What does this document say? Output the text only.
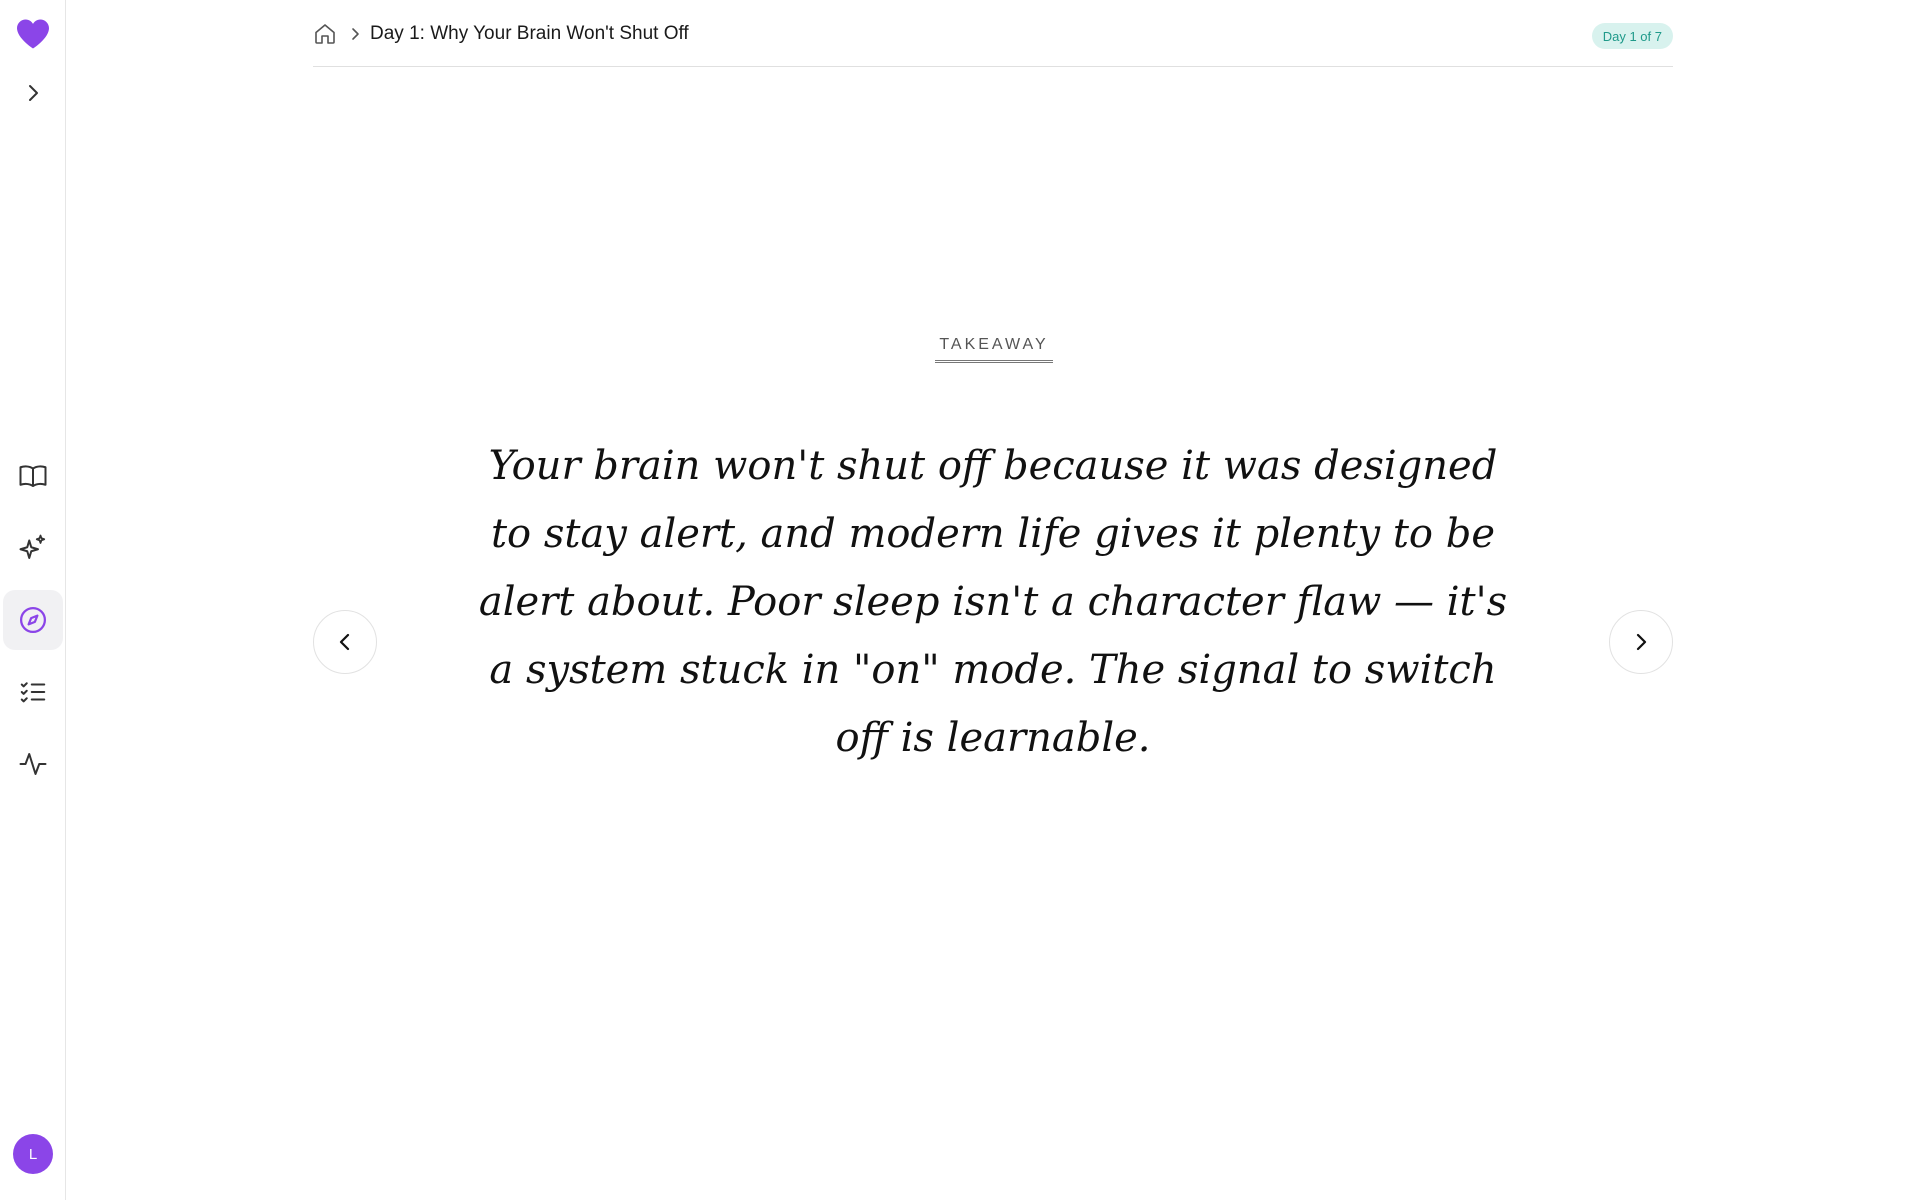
L
Day 1: Why Your Brain Won't Shut Off	Day 1 of 7
TAKEAWAY

Your brain won't shut off because it was designed to stay alert, and modern life gives it plenty to be alert about. Poor sleep isn't a character flaw — it's a system stuck in "on" mode. The signal to switch off is learnable.
